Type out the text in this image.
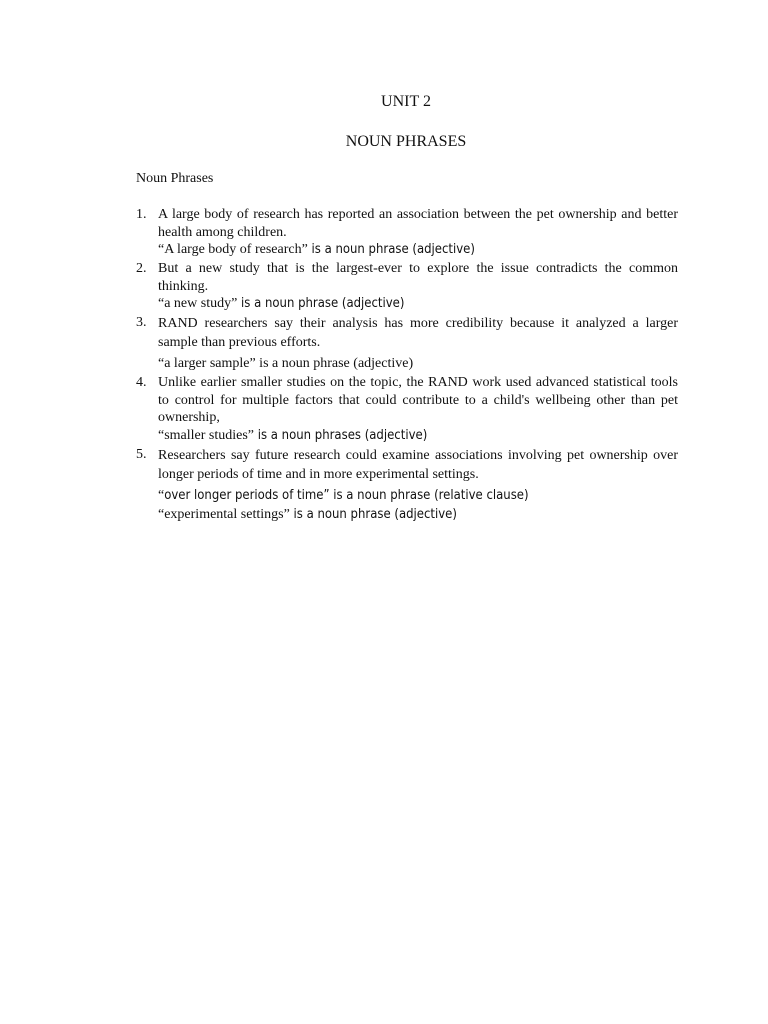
UNIT 2
NOUN PHRASES
Noun Phrases
1. A large body of research has reported an association between the pet ownership and better health among children.
“A large body of research” is a noun phrase (adjective)
2. But a new study that is the largest-ever to explore the issue contradicts the common thinking.
“a new study” is a noun phrase (adjective)
3. RAND researchers say their analysis has more credibility because it analyzed a larger sample than previous efforts.
“a larger sample” is a noun phrase (adjective)
4. Unlike earlier smaller studies on the topic, the RAND work used advanced statistical tools to control for multiple factors that could contribute to a child's wellbeing other than pet ownership,
“smaller studies” is a noun phrases (adjective)
5. Researchers say future research could examine associations involving pet ownership over longer periods of time and in more experimental settings.
“over longer periods of time” is a noun phrase (relative clause)
“experimental settings” is a noun phrase (adjective)
